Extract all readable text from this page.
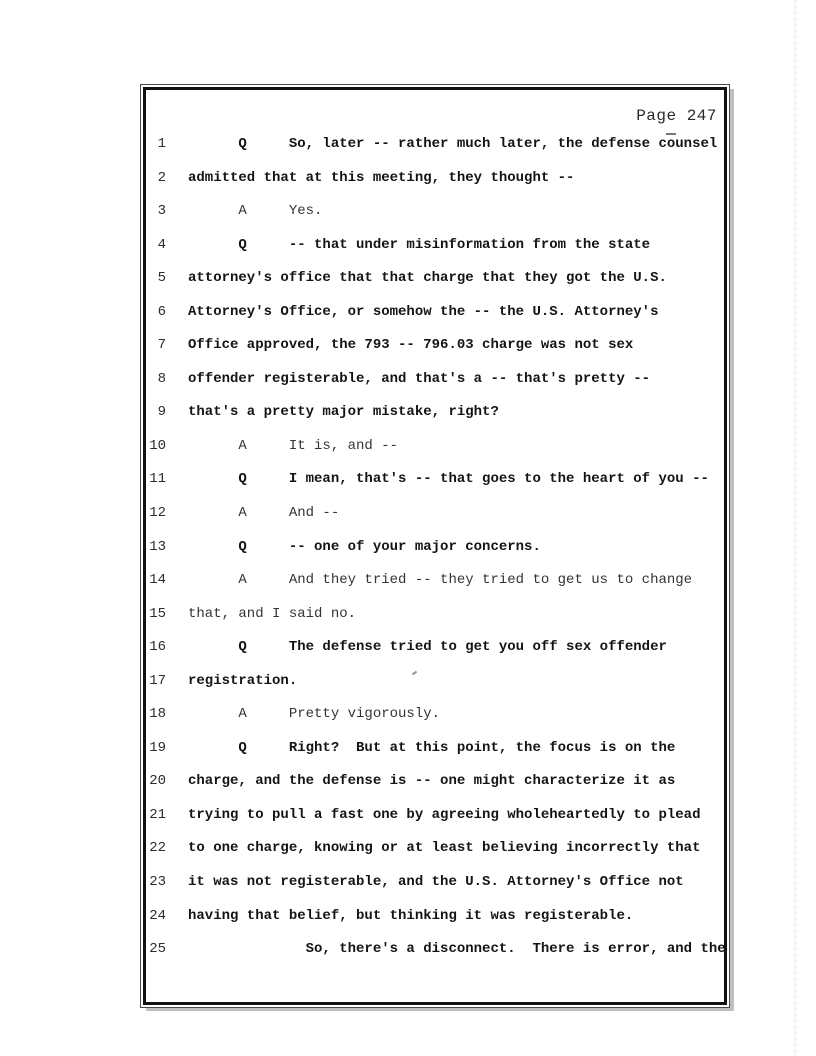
Page 247
1 Q     So, later -- rather much later, the defense counsel
2 admitted that at this meeting, they thought --
3 A     Yes.
4 Q     -- that under misinformation from the state
5 attorney's office that that charge that they got the U.S.
6 Attorney's Office, or somehow the -- the U.S. Attorney's
7 Office approved, the 793 -- 796.03 charge was not sex
8 offender registerable, and that's a -- that's pretty --
9 that's a pretty major mistake, right?
10 A     It is, and --
11 Q     I mean, that's -- that goes to the heart of you --
12 A     And --
13 Q     -- one of your major concerns.
14 A     And they tried -- they tried to get us to change
15 that, and I said no.
16 Q     The defense tried to get you off sex offender
17 registration.
18 A     Pretty vigorously.
19 Q     Right?  But at this point, the focus is on the
20 charge, and the defense is -- one might characterize it as
21 trying to pull a fast one by agreeing wholeheartedly to plead
22 to one charge, knowing or at least believing incorrectly that
23 it was not registerable, and the U.S. Attorney's Office not
24 having that belief, but thinking it was registerable.
25 So, there's a disconnect.  There is error, and the
